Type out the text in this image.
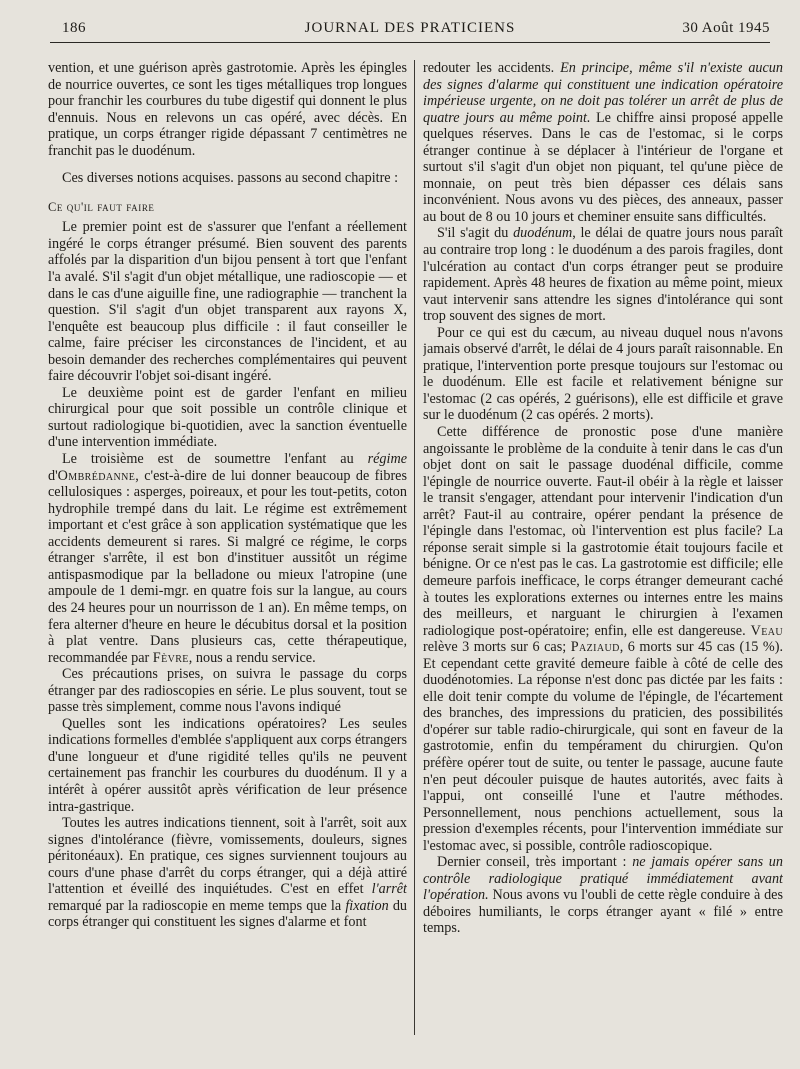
186	JOURNAL DES PRATICIENS	30 Août 1945

vention, et une guérison après gastrotomie. Après les épingles de nourrice ouvertes, ce sont les tiges métalliques trop longues pour franchir les courbures du tube digestif qui donnent le plus d'ennuis. Nous en relevons un cas opéré, avec décès. En pratique, un corps étranger rigide dépassant 7 centimètres ne franchit pas le duodénum.

Ces diverses notions acquises. passons au second chapitre :

Ce qu'il faut faire

Le premier point est de s'assurer que l'enfant a réellement ingéré le corps étranger présumé. Bien souvent des parents affolés par la disparition d'un bijou pensent à tort que l'enfant l'a avalé. S'il s'agit d'un objet métallique, une radioscopie — et dans le cas d'une aiguille fine, une radiographie — tranchent la question. S'il s'agit d'un objet transparent aux rayons X, l'enquête est beaucoup plus difficile : il faut conseiller le calme, faire préciser les circonstances de l'incident, et au besoin demander des recherches complémentaires qui peuvent faire découvrir l'objet soi-disant ingéré.

Le deuxième point est de garder l'enfant en milieu chirurgical pour que soit possible un contrôle clinique et surtout radiologique bi-quotidien, avec la sanction éventuelle d'une intervention immédiate.

Le troisième est de soumettre l'enfant au régime d'Ombrédanne, c'est-à-dire de lui donner beaucoup de fibres cellulosiques : asperges, poireaux, et pour les tout-petits, coton hydrophile trempé dans du lait. Le régime est extrêmement important et c'est grâce à son application systématique que les accidents demeurent si rares. Si malgré ce régime, le corps étranger s'arrête, il est bon d'instituer aussitôt un régime antispasmodique par la belladone ou mieux l'atropine (une ampoule de 1 demi-mgr. en quatre fois sur la langue, au cours des 24 heures pour un nourrisson de 1 an). En même temps, on fera alterner d'heure en heure le décubitus dorsal et la position à plat ventre. Dans plusieurs cas, cette thérapeutique, recommandée par Fèvre, nous a rendu service.

Ces précautions prises, on suivra le passage du corps étranger par des radioscopies en série. Le plus souvent, tout se passe très simplement, comme nous l'avons indiqué

Quelles sont les indications opératoires? Les seules indications formelles d'emblée s'appliquent aux corps étrangers d'une longueur et d'une rigidité telles qu'ils ne peuvent certainement pas franchir les courbures du duodénum. Il y a intérêt à opérer aussitôt après vérification de leur présence intra-gastrique.

Toutes les autres indications tiennent, soit à l'arrêt, soit aux signes d'intolérance (fièvre, vomissements, douleurs, signes péritonéaux). En pratique, ces signes surviennent toujours au cours d'une phase d'arrêt du corps étranger, qui a déjà attiré l'attention et éveillé des inquiétudes. C'est en effet l'arrêt remarqué par la radioscopie en meme temps que la fixation du corps étranger qui constituent les signes d'alarme et font

redouter les accidents. En principe, même s'il n'existe aucun des signes d'alarme qui constituent une indication opératoire impérieuse urgente, on ne doit pas tolérer un arrêt de plus de quatre jours au même point. Le chiffre ainsi proposé appelle quelques réserves. Dans le cas de l'estomac, si le corps étranger continue à se déplacer à l'intérieur de l'organe et surtout s'il s'agit d'un objet non piquant, tel qu'une pièce de monnaie, on peut très bien dépasser ces délais sans inconvénient. Nous avons vu des pièces, des anneaux, passer au bout de 8 ou 10 jours et cheminer ensuite sans difficultés.

S'il s'agit du duodénum, le délai de quatre jours nous paraît au contraire trop long : le duodénum a des parois fragiles, dont l'ulcération au contact d'un corps étranger peut se produire rapidement. Après 48 heures de fixation au même point, mieux vaut intervenir sans attendre les signes d'intolérance qui sont trop souvent des signes de mort.

Pour ce qui est du cæcum, au niveau duquel nous n'avons jamais observé d'arrêt, le délai de 4 jours paraît raisonnable. En pratique, l'intervention porte presque toujours sur l'estomac ou le duodénum. Elle est facile et relativement bénigne sur l'estomac (2 cas opérés, 2 guérisons), elle est difficile et grave sur le duodénum (2 cas opérés. 2 morts).

Cette différence de pronostic pose d'une manière angoissante le problème de la conduite à tenir dans le cas d'un objet dont on sait le passage duodénal difficile, comme l'épingle de nourrice ouverte. Faut-il obéir à la règle et laisser le transit s'engager, attendant pour intervenir l'indication d'un arrêt? Faut-il au contraire, opérer pendant la présence de l'épingle dans l'estomac, où l'intervention est plus facile? La réponse serait simple si la gastrotomie était toujours facile et bénigne. Or ce n'est pas le cas. La gastrotomie est difficile; elle demeure parfois inefficace, le corps étranger demeurant caché à toutes les explorations externes ou internes entre les mains des meilleurs, et narguant le chirurgien à l'examen radiologique post-opératoire; enfin, elle est dangereuse. Veau relève 3 morts sur 6 cas; Paziaud, 6 morts sur 45 cas (15 %). Et cependant cette gravité demeure faible à côté de celle des duodénotomies. La réponse n'est donc pas dictée par les faits : elle doit tenir compte du volume de l'épingle, de l'écartement des branches, des impressions du praticien, des possibilités d'opérer sur table radio-chirurgicale, qui sont en faveur de la gastrotomie, enfin du tempérament du chirurgien. Qu'on préfère opérer tout de suite, ou tenter le passage, aucune faute n'en peut découler puisque de hautes autorités, avec faits à l'appui, ont conseillé l'une et l'autre méthodes. Personnellement, nous penchions actuellement, sous la pression d'exemples récents, pour l'intervention immédiate sur l'estomac avec, si possible, contrôle radioscopique.

Dernier conseil, très important : ne jamais opérer sans un contrôle radiologique pratiqué immédiatement avant l'opération. Nous avons vu l'oubli de cette règle conduire à des déboires humiliants, le corps étranger ayant « filé » entre temps.
